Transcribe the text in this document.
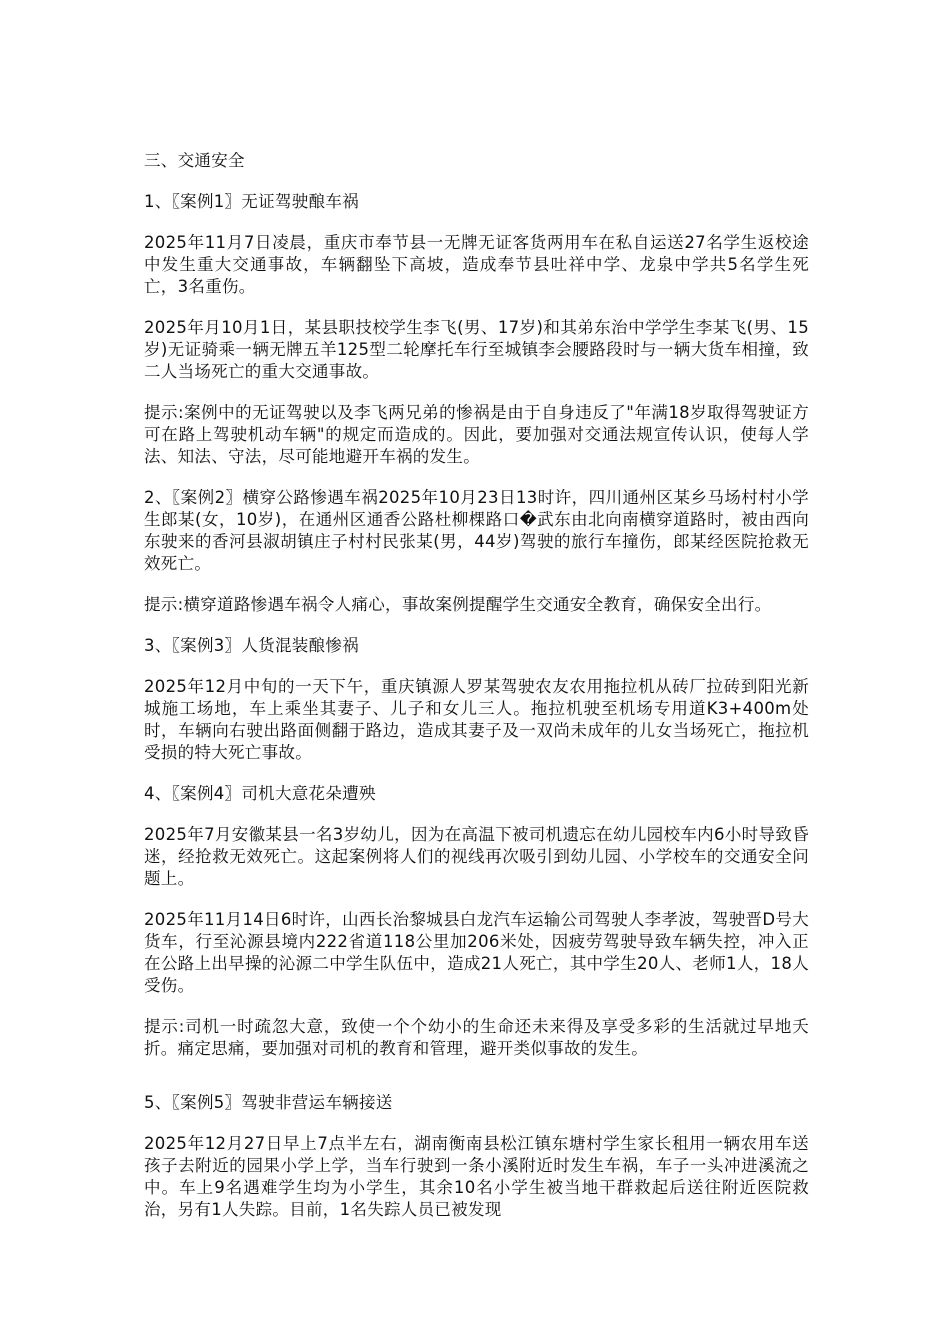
三、交通安全

1、〖案例1〗无证驾驶酿车祸

2025年11月7日凌晨，重庆市奉节县一无牌无证客货两用车在私自运送27名学生返校途中发生重大交通事故，车辆翻坠下高坡，造成奉节县吐祥中学、龙泉中学共5名学生死亡，3名重伤。

2025年月10月1日，某县职技校学生李飞(男、17岁)和其弟东治中学学生李某飞(男、15岁)无证骑乘一辆无牌五羊125型二轮摩托车行至城镇李会腰路段时与一辆大货车相撞，致二人当场死亡的重大交通事故。

提示:案例中的无证驾驶以及李飞两兄弟的惨祸是由于自身违反了"年满18岁取得驾驶证方可在路上驾驶机动车辆"的规定而造成的。因此，要加强对交通法规宣传认识，使每人学法、知法、守法，尽可能地避开车祸的发生。

2、〖案例2〗横穿公路惨遇车祸2025年10月23日13时许，四川通州区某乡马场村村小学生郎某(女，10岁)，在通州区通香公路杜柳棵路口�武东由北向南横穿道路时，被由西向东驶来的香河县淑胡镇庄子村村民张某(男，44岁)驾驶的旅行车撞伤，郎某经医院抢救无效死亡。

提示:横穿道路惨遇车祸令人痛心，事故案例提醒学生交通安全教育，确保安全出行。

3、〖案例3〗人货混装酿惨祸

2025年12月中旬的一天下午，重庆镇源人罗某驾驶农友农用拖拉机从砖厂拉砖到阳光新城施工场地，车上乘坐其妻子、儿子和女儿三人。拖拉机驶至机场专用道K3+400m处时，车辆向右驶出路面侧翻于路边，造成其妻子及一双尚未成年的儿女当场死亡，拖拉机受损的特大死亡事故。

4、〖案例4〗司机大意花朵遭殃

2025年7月安徽某县一名3岁幼儿，因为在高温下被司机遗忘在幼儿园校车内6小时导致昏迷，经抢救无效死亡。这起案例将人们的视线再次吸引到幼儿园、小学校车的交通安全问题上。

2025年11月14日6时许，山西长治黎城县白龙汽车运输公司驾驶人李孝波，驾驶晋D号大货车，行至沁源县境内222省道118公里加206米处，因疲劳驾驶导致车辆失控，冲入正在公路上出早操的沁源二中学生队伍中，造成21人死亡，其中学生20人、老师1人，18人受伤。

提示:司机一时疏忽大意，致使一个个幼小的生命还未来得及享受多彩的生活就过早地夭折。痛定思痛，要加强对司机的教育和管理，避开类似事故的发生。

5、〖案例5〗驾驶非营运车辆接送

2025年12月27日早上7点半左右，湖南衡南县松江镇东塘村学生家长租用一辆农用车送孩子去附近的园果小学上学，当车行驶到一条小溪附近时发生车祸，车子一头冲进溪流之中。车上9名遇难学生均为小学生，其余10名小学生被当地干群救起后送往附近医院救治，另有1人失踪。目前，1名失踪人员已被发现
